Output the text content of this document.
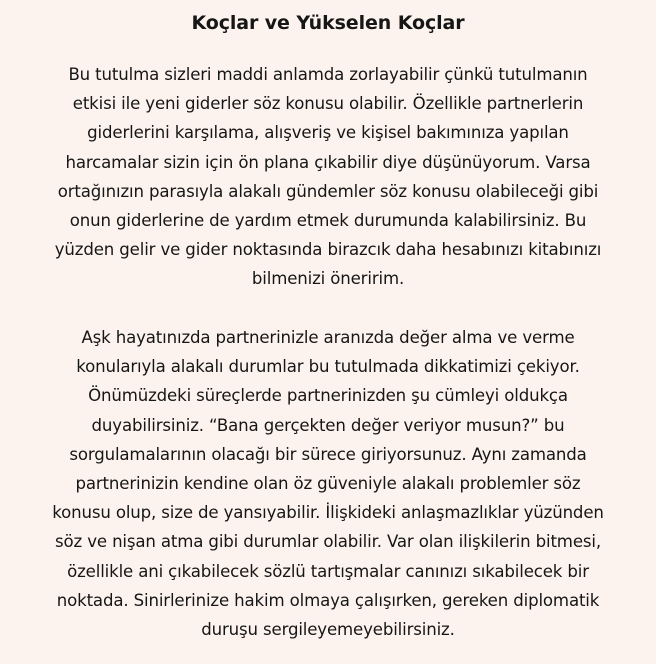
Koçlar ve Yükselen Koçlar
Bu tutulma sizleri maddi anlamda zorlayabilir çünkü tutulmanın
etkisi ile yeni giderler söz konusu olabilir. Özellikle partnerlerin
giderlerini karşılama, alışveriş ve kişisel bakımınıza yapılan
harcamalar sizin için ön plana çıkabilir diye düşünüyorum. Varsa
ortağınızın parasıyla alakalı gündemler söz konusu olabileceği gibi
onun giderlerine de yardım etmek durumunda kalabilirsiniz. Bu
yüzden gelir ve gider noktasında birazcık daha hesabınızı kitabınızı
bilmenizi öneririm.
Aşk hayatınızda partnerinizle aranızda değer alma ve verme
konularıyla alakalı durumlar bu tutulmada dikkatimizi çekiyor.
Önümüzdeki süreçlerde partnerinizden şu cümleyi oldukça
duyabilirsiniz. “Bana gerçekten değer veriyor musun?” bu
sorgulamalarının olacağı bir sürece giriyorsunuz. Aynı zamanda
partnerinizin kendine olan öz güveniyle alakalı problemler söz
konusu olup, size de yansıyabilir. İlişkideki anlaşmazlıklar yüzünden
söz ve nişan atma gibi durumlar olabilir. Var olan ilişkilerin bitmesi,
özellikle ani çıkabilecek sözlü tartışmalar canınızı sıkabilecek bir
noktada. Sinirlerinize hakim olmaya çalışırken, gereken diplomatik
duruşu sergileyemeyebilirsiniz.
